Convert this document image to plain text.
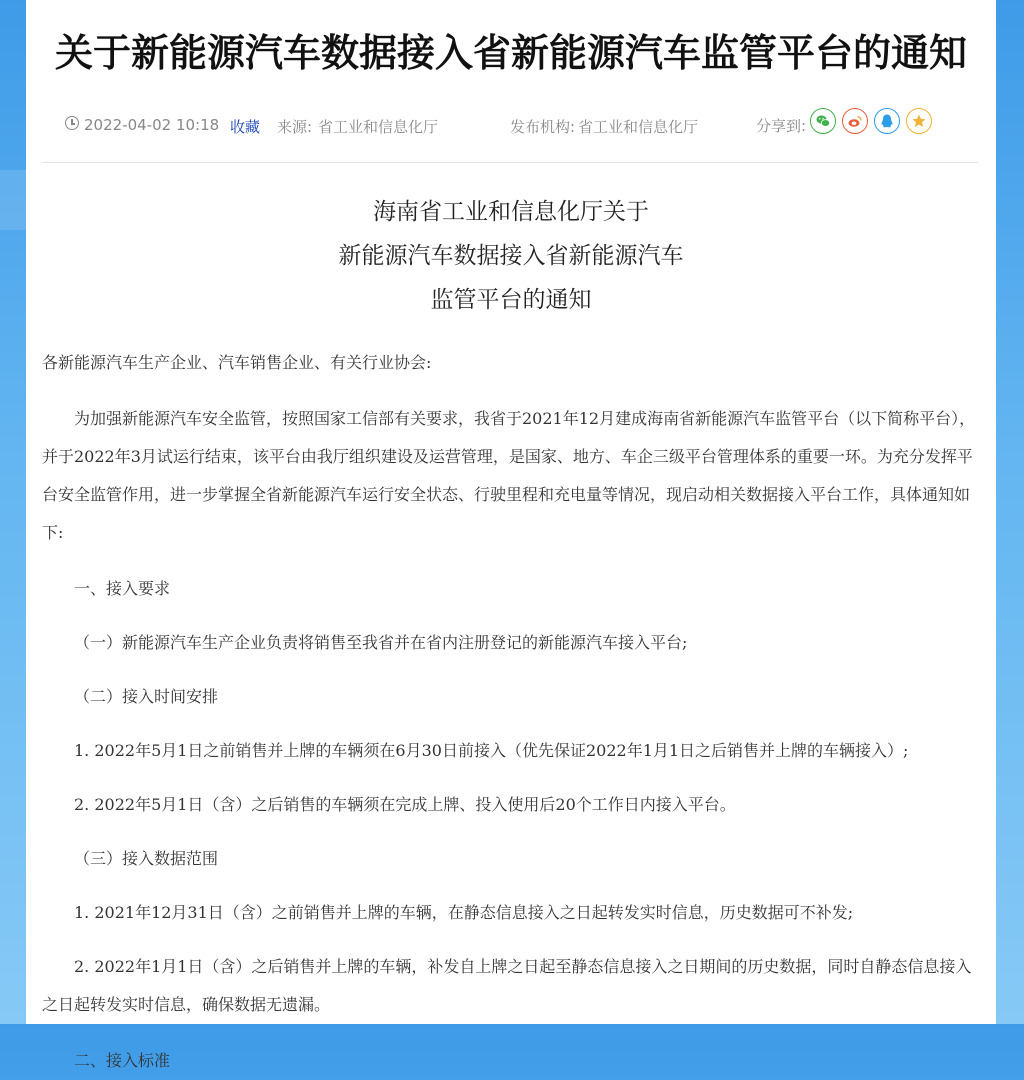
关于新能源汽车数据接入省新能源汽车监管平台的通知
2022-04-02 10:18 收藏 来源: 省工业和信息化厅	发布机构: 省工业和信息化厅	分享到:

海南省工业和信息化厅关于

新能源汽车数据接入省新能源汽车

监管平台的通知

各新能源汽车生产企业、汽车销售企业、有关行业协会:

为加强新能源汽车安全监管，按照国家工信部有关要求，我省于2021年12月建成海南省新能源汽车监管平台（以下简称平台），并于2022年3月试运行结束，该平台由我厅组织建设及运营管理，是国家、地方、车企三级平台管理体系的重要一环。为充分发挥平台安全监管作用，进一步掌握全省新能源汽车运行安全状态、行驶里程和充电量等情况，现启动相关数据接入平台工作，具体通知如下:

一、接入要求

（一）新能源汽车生产企业负责将销售至我省并在省内注册登记的新能源汽车接入平台;

（二）接入时间安排

1. 2022年5月1日之前销售并上牌的车辆须在6月30日前接入（优先保证2022年1月1日之后销售并上牌的车辆接入）;

2. 2022年5月1日（含）之后销售的车辆须在完成上牌、投入使用后20个工作日内接入平台。

（三）接入数据范围

1. 2021年12月31日（含）之前销售并上牌的车辆，在静态信息接入之日起转发实时信息，历史数据可不补发;

2. 2022年1月1日（含）之后销售并上牌的车辆，补发自上牌之日起至静态信息接入之日期间的历史数据，同时自静态信息接入之日起转发实时信息，确保数据无遗漏。

二、接入标准
